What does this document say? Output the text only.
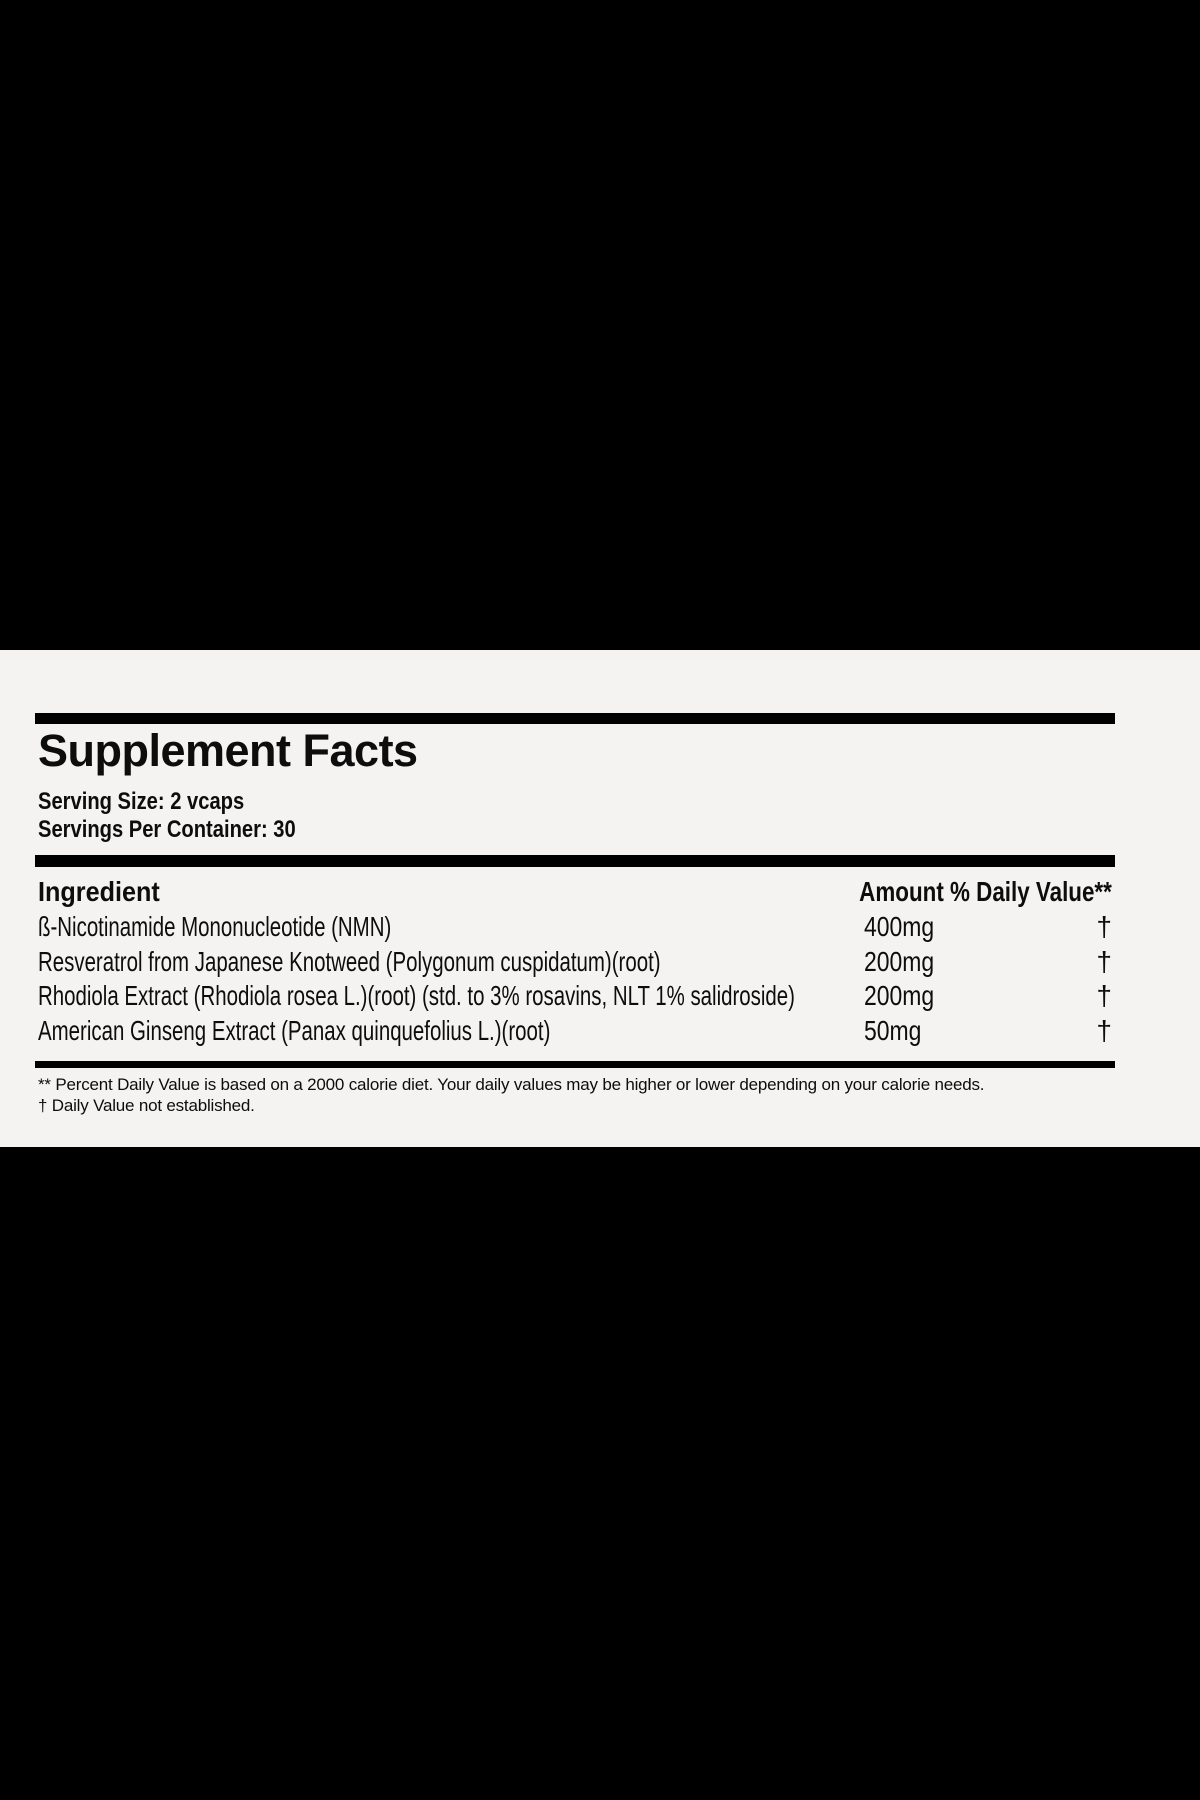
Supplement Facts
Serving Size: 2 vcaps
Servings Per Container: 30
Ingredient	Amount % Daily Value**
ß-Nicotinamide Mononucleotide (NMN)	400mg	†
Resveratrol from Japanese Knotweed (Polygonum cuspidatum)(root)	200mg	†
Rhodiola Extract (Rhodiola rosea L.)(root) (std. to 3% rosavins, NLT 1% salidroside) 200mg	†
American Ginseng Extract (Panax quinquefolius L.)(root)	50mg	†
** Percent Daily Value is based on a 2000 calorie diet. Your daily values may be higher or lower depending on your calorie needs.
† Daily Value not established.
